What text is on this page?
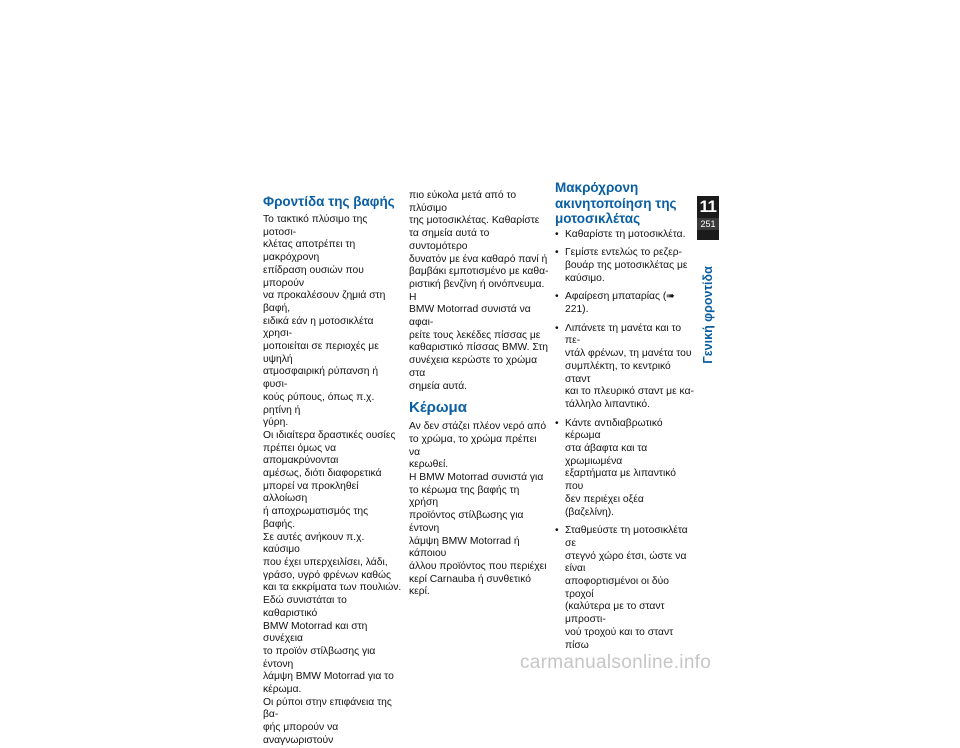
Φροντίδα της βαφής

Το τακτικό πλύσιμο της μοτοσι-
κλέτας αποτρέπει τη μακρόχρονη
επίδραση ουσιών που μπορούν
να προκαλέσουν ζημιά στη βαφή,
ειδικά εάν η μοτοσικλέτα χρησι-
μοποιείται σε περιοχές με υψηλή
ατμοσφαιρική ρύπανση ή φυσι-
κούς ρύπους, όπως π.χ. ρητίνη ή
γύρη.

Οι ιδιαίτερα δραστικές ουσίες
πρέπει όμως να απομακρύνονται
αμέσως, διότι διαφορετικά
μπορεί να προκληθεί αλλοίωση
ή αποχρωματισμός της βαφής.
Σε αυτές ανήκουν π.χ. καύσιμο
που έχει υπερχειλίσει, λάδι,
γράσο, υγρό φρένων καθώς
και τα εκκρίματα των πουλιών.
Εδώ συνιστάται το καθαριστικό
BMW Motorrad και στη συνέχεια
το προϊόν στίλβωσης για έντονη
λάμψη BMW Motorrad για το
κέρωμα.

Οι ρύποι στην επιφάνεια της βα-
φής μπορούν να αναγνωριστούν

πιο εύκολα μετά από το πλύσιμο
της μοτοσικλέτας. Καθαρίστε
τα σημεία αυτά το συντομότερο
δυνατόν με ένα καθαρό πανί ή
βαμβάκι εμποτισμένο με καθα-
ριστική βενζίνη ή οινόπνευμα. Η
BMW Motorrad συνιστά να αφαι-
ρείτε τους λεκέδες πίσσας με
καθαριστικό πίσσας BMW. Στη
συνέχεια κερώστε το χρώμα στα
σημεία αυτά.

Κέρωμα

Αν δεν στάζει πλέον νερό από
το χρώμα, το χρώμα πρέπει να
κερωθεί.

Η BMW Motorrad συνιστά για
το κέρωμα της βαφής τη χρήση
προϊόντος στίλβωσης για έντονη
λάμψη BMW Motorrad ή κάποιου
άλλου προϊόντος που περιέχει
κερί Carnauba ή συνθετικό κερί.

Μακρόχρονη
ακινητοποίηση της
μοτοσικλέτας
• Καθαρίστε τη μοτοσικλέτα.
• Γεμίστε εντελώς το ρεζερ-
βουάρ της μοτοσικλέτας με
καύσιμο.
• Αφαίρεση μπαταρίας (➠ 221).
• Λιπάνετε τη μανέτα και το πε-
ντάλ φρένων, τη μανέτα του
συμπλέκτη, το κεντρικό σταντ
και το πλευρικό σταντ με κα-
τάλληλο λιπαντικό.
• Κάντε αντιδιαβρωτικό κέρωμα
στα άβαφτα και τα χρωμιωμένα
εξαρτήματα με λιπαντικό που
δεν περιέχει οξέα (βαζελίνη).
• Σταθμεύστε τη μοτοσικλέτα σε
στεγνό χώρο έτσι, ώστε να είναι
αποφορτισμένοι οι δύο τροχοί
(καλύτερα με το σταντ μπροστι-
νού τροχού και το σταντ πίσω
11
251
Γενική φροντίδα
carmanualsonline.info
